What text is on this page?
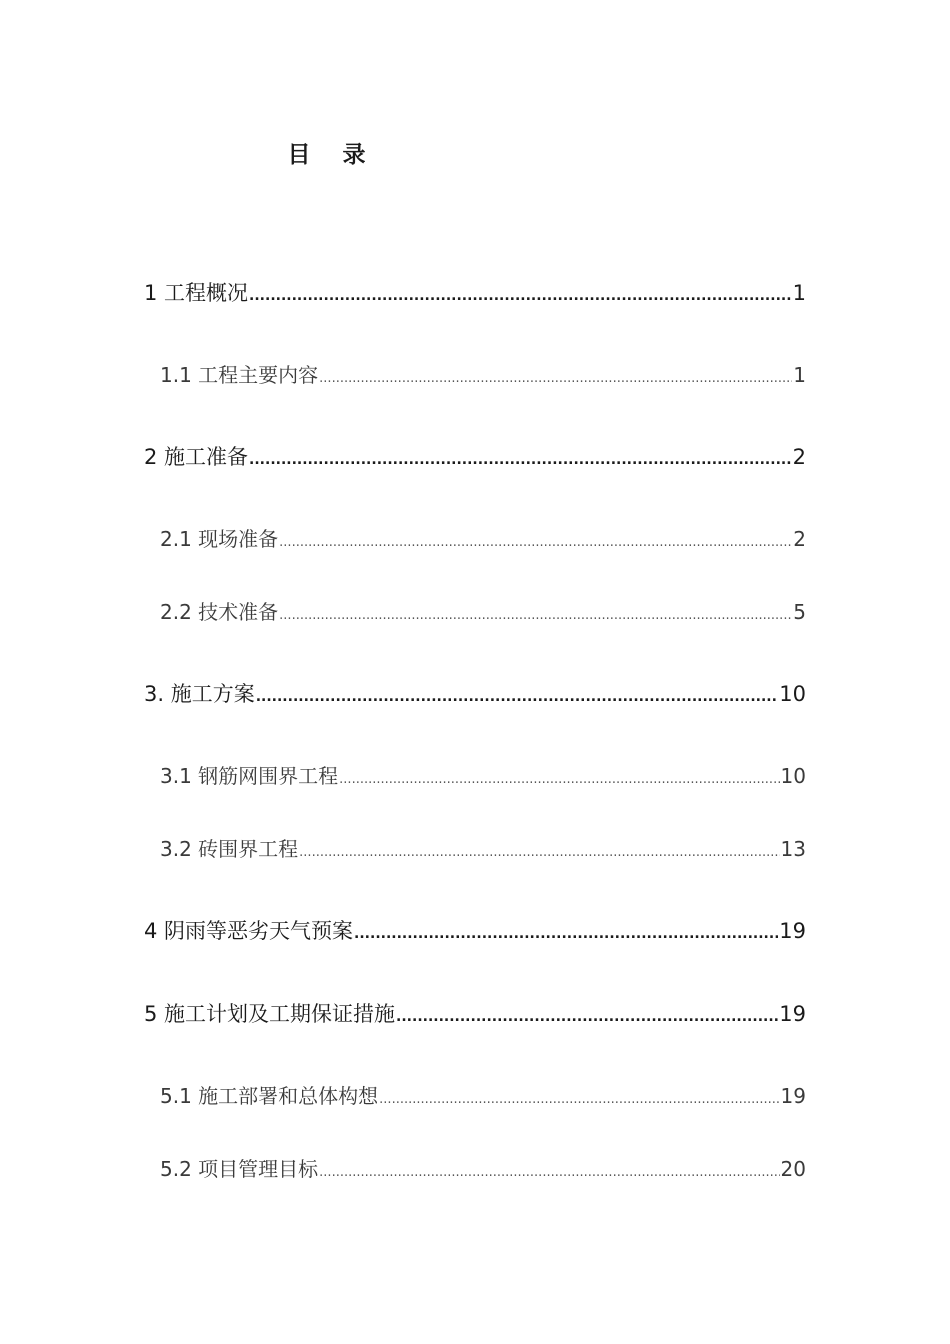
目 录
1 工程概况 .....	1
1.1 工程主要内容 .....	1
2 施工准备 .....	2
2.1 现场准备 .....	2
2.2 技术准备 .....	5
3. 施工方案 .....	10
3.1 钢筋网围界工程 .....	10
3.2 砖围界工程 .....	13
4 阴雨等恶劣天气预案 .....	19
5 施工计划及工期保证措施 .....	19
5.1 施工部署和总体构想 .....	19
5.2 项目管理目标 .....	20
